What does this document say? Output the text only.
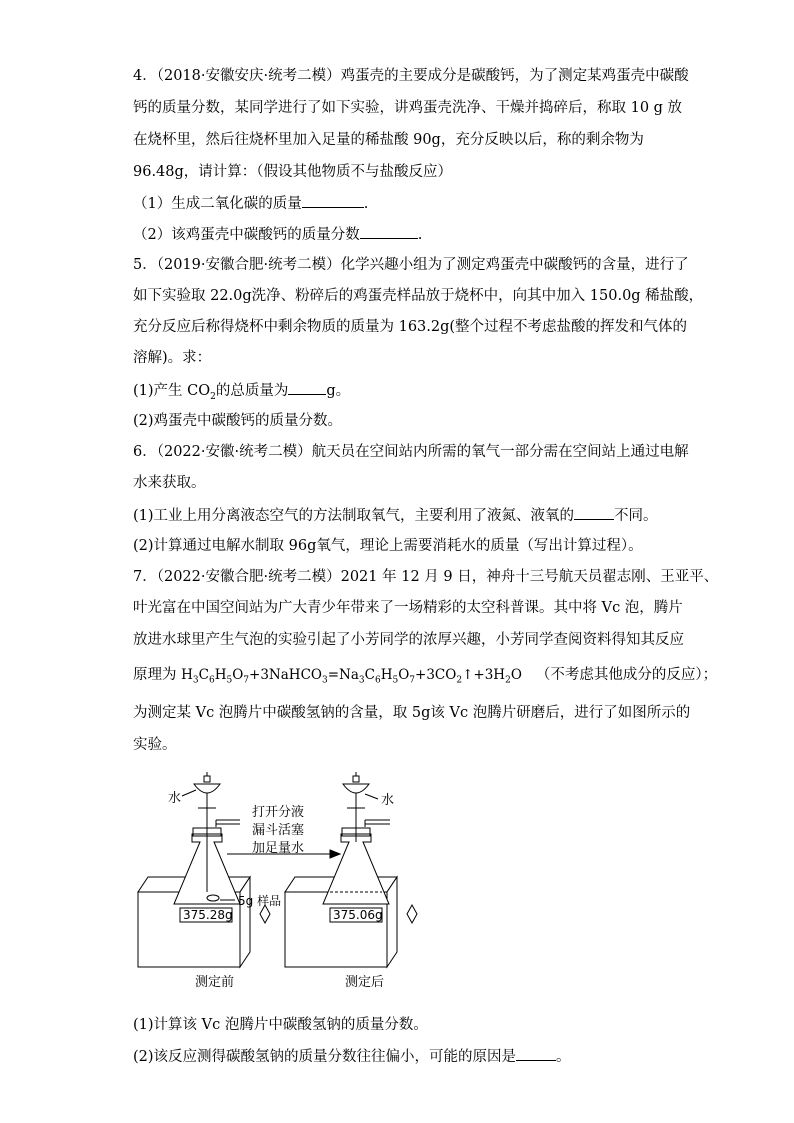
4．（2018·安徽安庆·统考二模）鸡蛋壳的主要成分是碳酸钙，为了测定某鸡蛋壳中碳酸
钙的质量分数，某同学进行了如下实验，讲鸡蛋壳洗净、干燥并捣碎后，称取 10 g 放
在烧杯里，然后往烧杯里加入足量的稀盐酸 90g，充分反映以后，称的剩余物为
96.48g，请计算：（假设其他物质不与盐酸反应）
（1）生成二氧化碳的质量	.
（2）该鸡蛋壳中碳酸钙的质量分数	.
5．（2019·安徽合肥·统考二模）化学兴趣小组为了测定鸡蛋壳中碳酸钙的含量，进行了
如下实验取 22.0g洗净、粉碎后的鸡蛋壳样品放于烧杯中，向其中加入 150.0g 稀盐酸，
充分反应后称得烧杯中剩余物质的质量为 163.2g(整个过程不考虑盐酸的挥发和气体的
溶解)。求：
(1)产生 $CO_2$的总质量为	g。
(2)鸡蛋壳中碳酸钙的质量分数。
6．（2022·安徽·统考二模）航天员在空间站内所需的氧气一部分需在空间站上通过电解
水来获取。
(1)工业上用分离液态空气的方法制取氧气，主要利用了液氮、液氧的	不同。
(2)计算通过电解水制取 96g氧气，理论上需要消耗水的质量（写出计算过程）。
7．（2022·安徽合肥·统考二模）2021 年 12 月 9 日，神舟十三号航天员翟志刚、王亚平、
叶光富在中国空间站为广大青少年带来了一场精彩的太空科普课。其中将 Vc 泡，腾片
放进水球里产生气泡的实验引起了小芳同学的浓厚兴趣，小芳同学查阅资料得知其反应
原理为 $H_3C_6H_5O_7+3NaHCO_3=Na_3C_6H_5O_7+3CO_2↑+3H_2O$ （不考虑其他成分的反应）；
为测定某 Vc 泡腾片中碳酸氢钠的含量，取 5g该 Vc 泡腾片研磨后，进行了如图所示的
实验。
水	水
打开分液
漏斗活塞
加足量水
5g 样品
375.28g	375.06g
测定前	测定后
(1)计算该 Vc 泡腾片中碳酸氢钠的质量分数。
(2)该反应测得碳酸氢钠的质量分数往往偏小，可能的原因是	。
